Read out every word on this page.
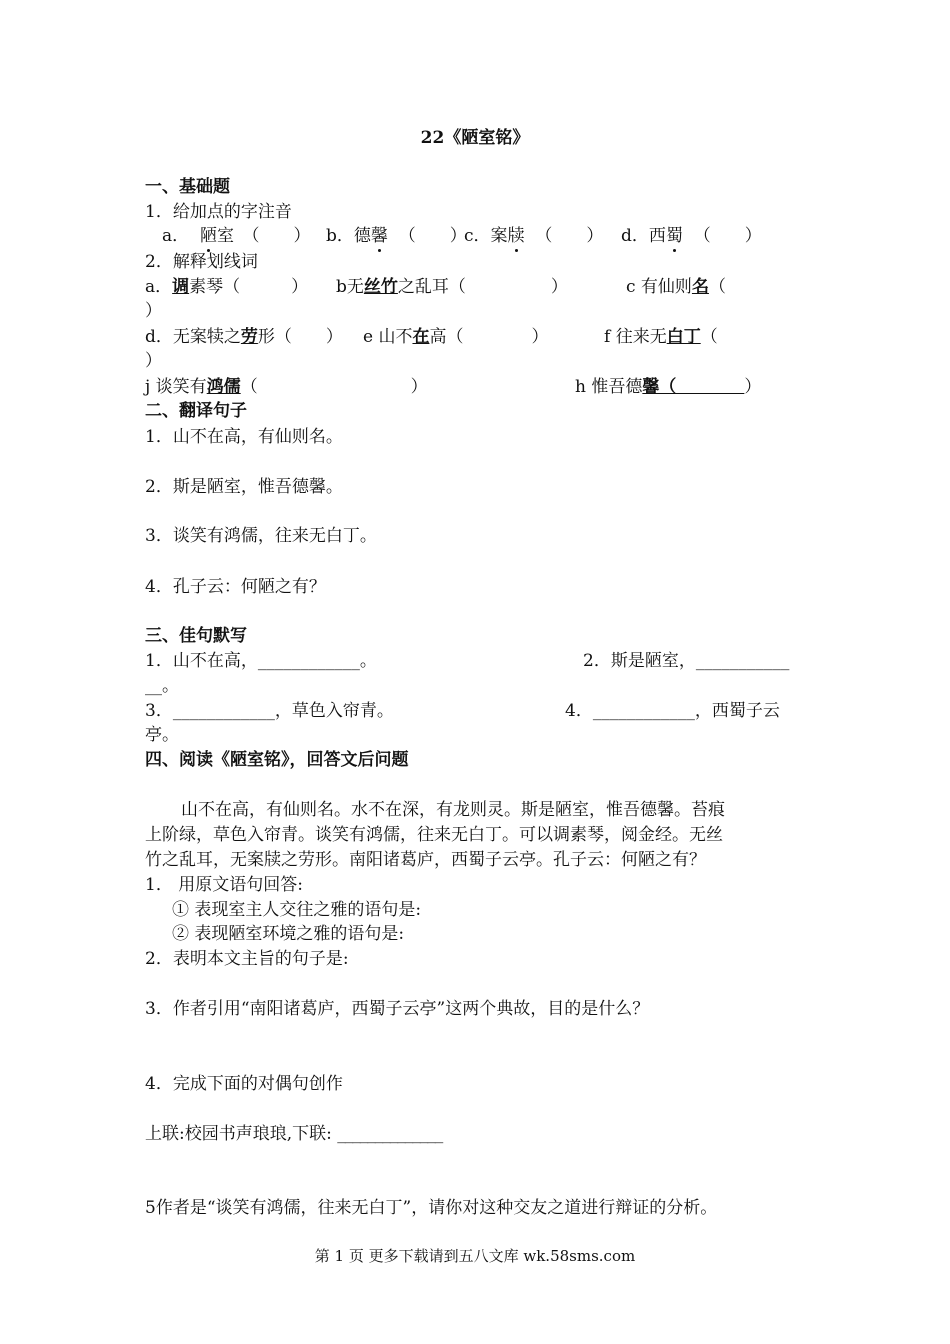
22《陋室铭》
一、基础题
1．给加点的字注音
a． 陋室　（　　） b．德馨 （　　）
c．案牍 （　　） d．西蜀 （　　）
2．解释划线词
a．调素琴（　　　） b无丝竹之乱耳（　　　　　）	c 有仙则名（
）
d．无案犊之劳形（　　） e 山不在高（　　　　）	f 往来无白丁（
）
j 谈笑有鸿儒（　　　　　　　　　）	h 惟吾德馨（　　　　）
二、翻译句子
1．山不在高，有仙则名。
2．斯是陋室，惟吾德馨。
3．谈笑有鸿儒，往来无白丁。
4．孔子云：何陋之有？
三、佳句默写
1．山不在高，____________。	2．斯是陋室，___________
__。
3．____________，草色入帘青。	4．____________，西蜀子云
亭。
四、阅读《陋室铭》，回答文后问题
山不在高，有仙则名。水不在深，有龙则灵。斯是陋室，惟吾德馨。苔痕
上阶绿，草色入帘青。谈笑有鸿儒，往来无白丁。可以调素琴，阅金经。无丝
竹之乱耳，无案牍之劳形。南阳诸葛庐，西蜀子云亭。孔子云：何陋之有？
1． 用原文语句回答:
① 表现室主人交往之雅的语句是:
② 表现陋室环境之雅的语句是:
2．表明本文主旨的句子是:
3．作者引用“南阳诸葛庐，西蜀子云亭”这两个典故，目的是什么？
4．完成下面的对偶句创作
上联:校园书声琅琅,下联: ______________
5作者是“谈笑有鸿儒，往来无白丁”，请你对这种交友之道进行辩证的分析。
第 1 页 更多下载请到五八文库 wk.58sms.com
